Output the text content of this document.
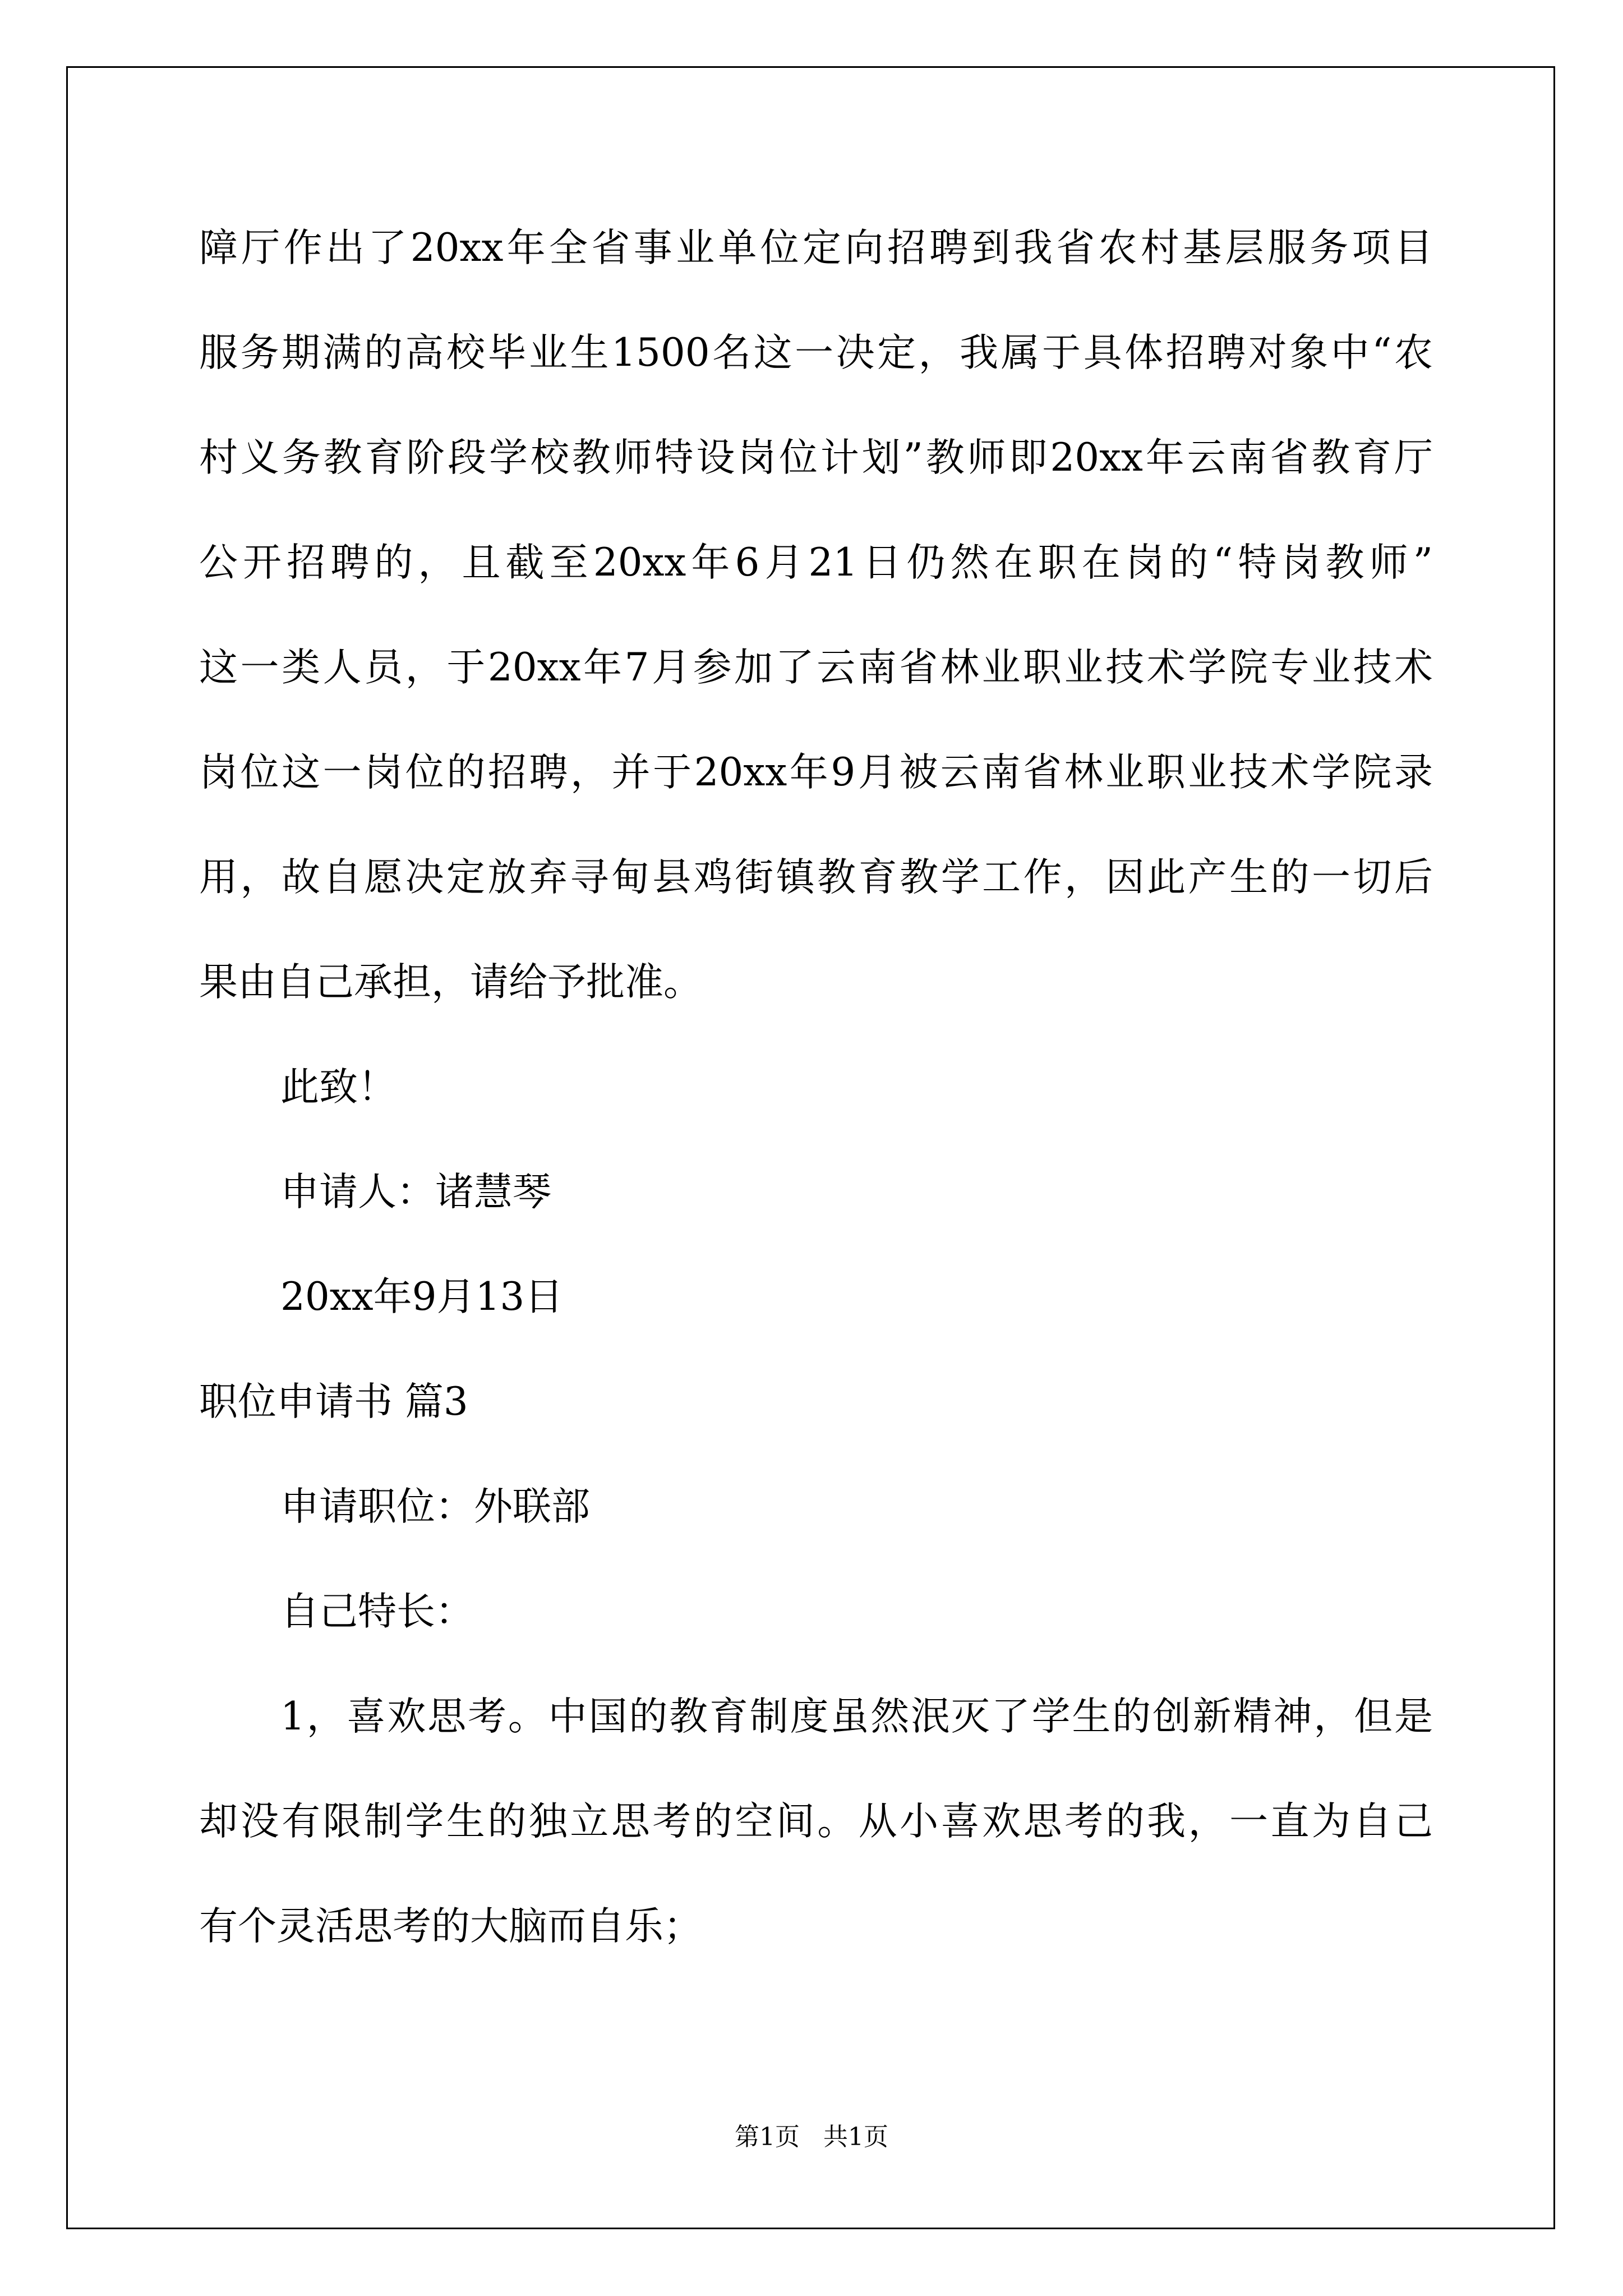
障厅作出了20xx年全省事业单位定向招聘到我省农村基层服务项目
服务期满的高校毕业生1500名这一决定，我属于具体招聘对象中“农
村义务教育阶段学校教师特设岗位计划”教师即20xx年云南省教育厅
公开招聘的，且截至20xx年6月21日仍然在职在岗的“特岗教师”
这一类人员，于20xx年7月参加了云南省林业职业技术学院专业技术
岗位这一岗位的招聘，并于20xx年9月被云南省林业职业技术学院录
用，故自愿决定放弃寻甸县鸡街镇教育教学工作，因此产生的一切后
果由自己承担，请给予批准。
此致！
申请人：诸慧琴
20xx年9月13日
职位申请书 篇3
申请职位：外联部
自己特长：
1，喜欢思考。中国的教育制度虽然泯灭了学生的创新精神，但是
却没有限制学生的独立思考的空间。从小喜欢思考的我，一直为自己
有个灵活思考的大脑而自乐；
第1页   共1页
